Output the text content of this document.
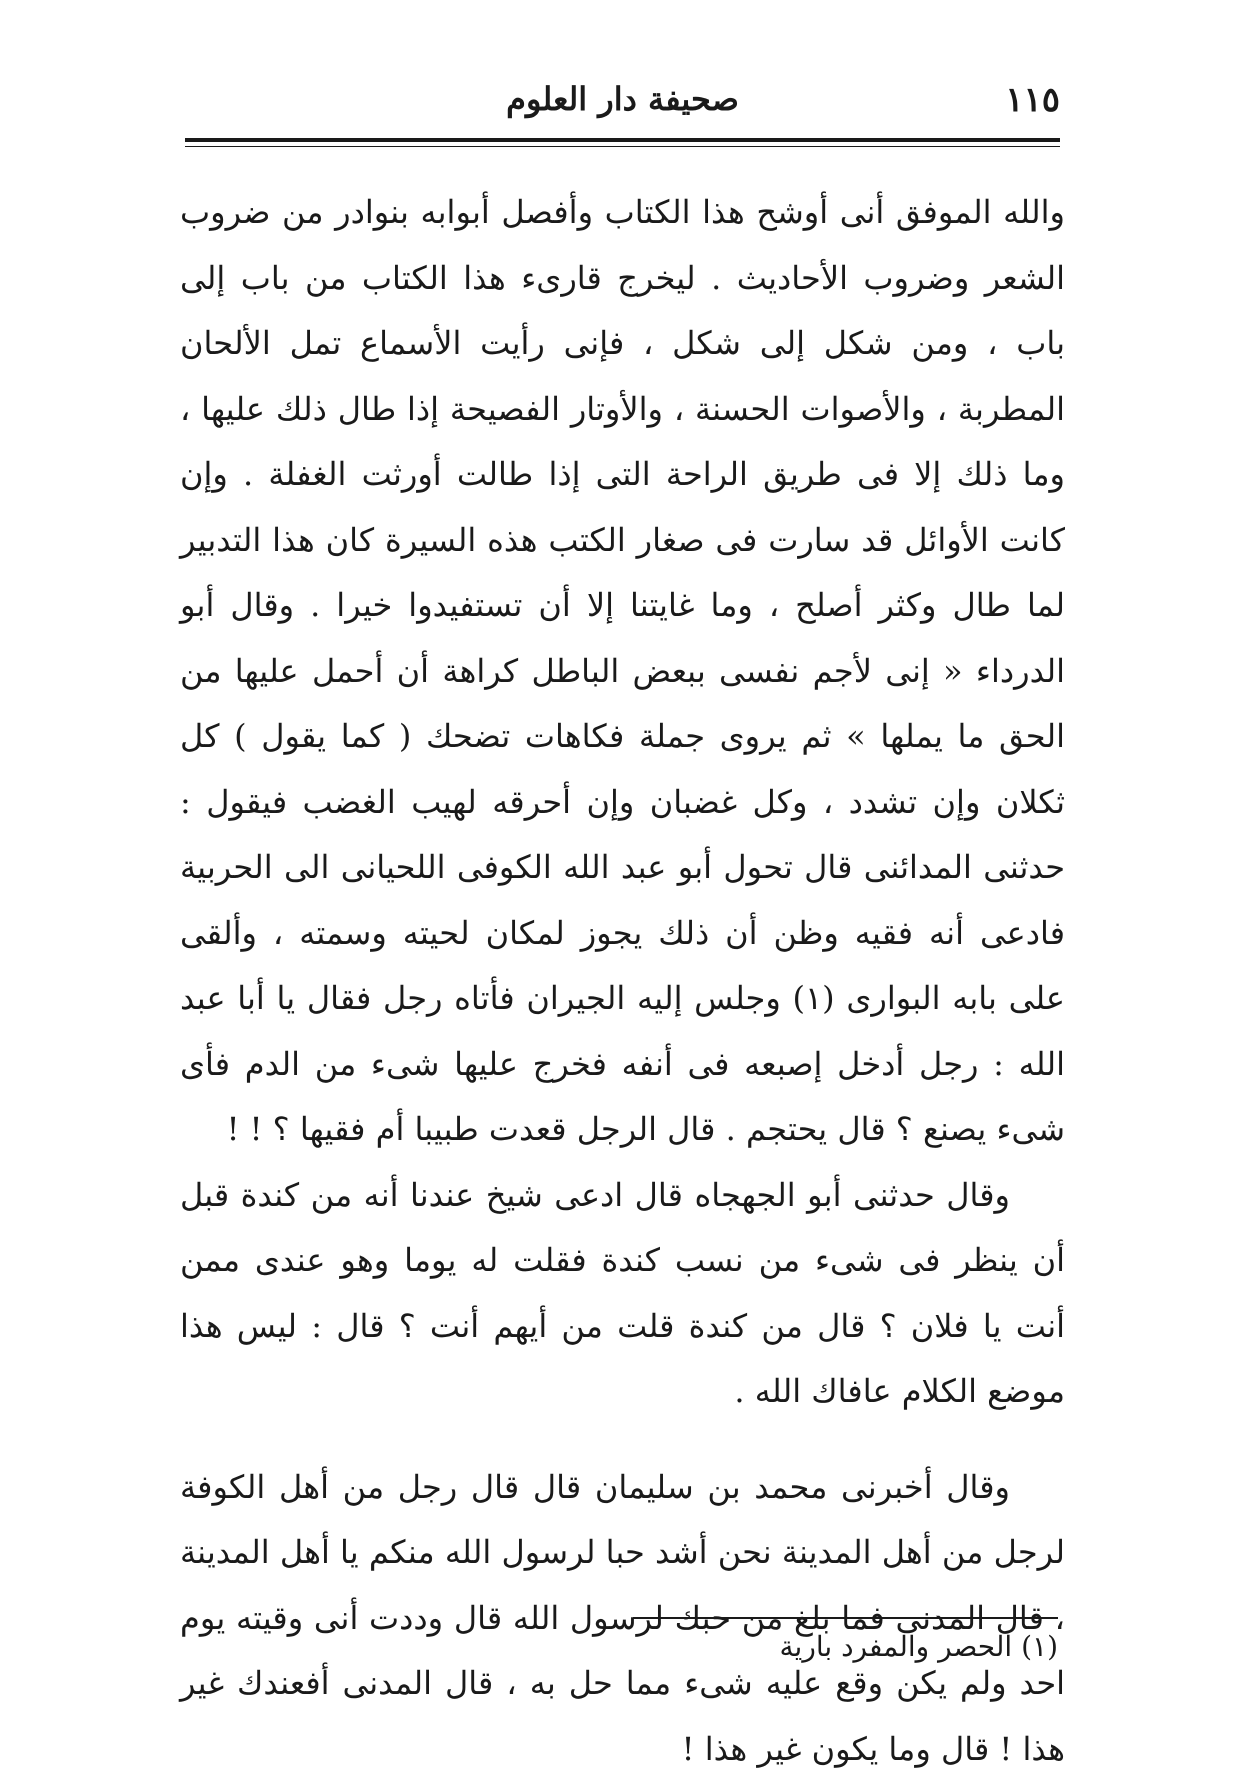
١١٥
صحيفة دار العلوم

والله الموفق أنى أوشح هذا الكتاب وأفصل أبوابه بنوادر من ضروب الشعر وضروب الأحاديث . ليخرج قارىء هذا الكتاب من باب إلى باب ، ومن شكل إلى شكل ، فإنى رأيت الأسماع تمل الألحان المطربة ، والأصوات الحسنة ، والأوتار الفصيحة إذا طال ذلك عليها ، وما ذلك إلا فى طريق الراحة التى إذا طالت أورثت الغفلة . وإن كانت الأوائل قد سارت فى صغار الكتب هذه السيرة كان هذا التدبير لما طال وكثر أصلح ، وما غايتنا إلا أن تستفيدوا خيرا . وقال أبو الدرداء « إنى لأجم نفسى ببعض الباطل كراهة أن أحمل عليها من الحق ما يملها » ثم يروى جملة فكاهات تضحك ( كما يقول ) كل ثكلان وإن تشدد ، وكل غضبان وإن أحرقه لهيب الغضب فيقول : حدثنى المدائنى قال تحول أبو عبد الله الكوفى اللحيانى الى الحربية فادعى أنه فقيه وظن أن ذلك يجوز لمكان لحيته وسمته ، وألقى على بابه البوارى (١) وجلس إليه الجيران فأتاه رجل فقال يا أبا عبد الله : رجل أدخل إصبعه فى أنفه فخرج عليها شىء من الدم فأى شىء يصنع ؟ قال يحتجم . قال الرجل قعدت طبيبا أم فقيها ؟ ! !

وقال حدثنى أبو الجهجاه قال ادعى شيخ عندنا أنه من كندة قبل أن ينظر فى شىء من نسب كندة فقلت له يوما وهو عندى ممن أنت يا فلان ؟ قال من كندة قلت من أيهم أنت ؟ قال : ليس هذا موضع الكلام عافاك الله .

وقال أخبرنى محمد بن سليمان قال قال رجل من أهل الكوفة لرجل من أهل المدينة نحن أشد حبا لرسول الله منكم يا أهل المدينة ، قال المدنى فما بلغ من حبك لرسول الله قال وددت أنى وقيته يوم احد ولم يكن وقع عليه شىء مما حل به ، قال المدنى أفعندك غير هذا ! قال وما يكون غير هذا !

(١) الحصر والمفرد بارية
